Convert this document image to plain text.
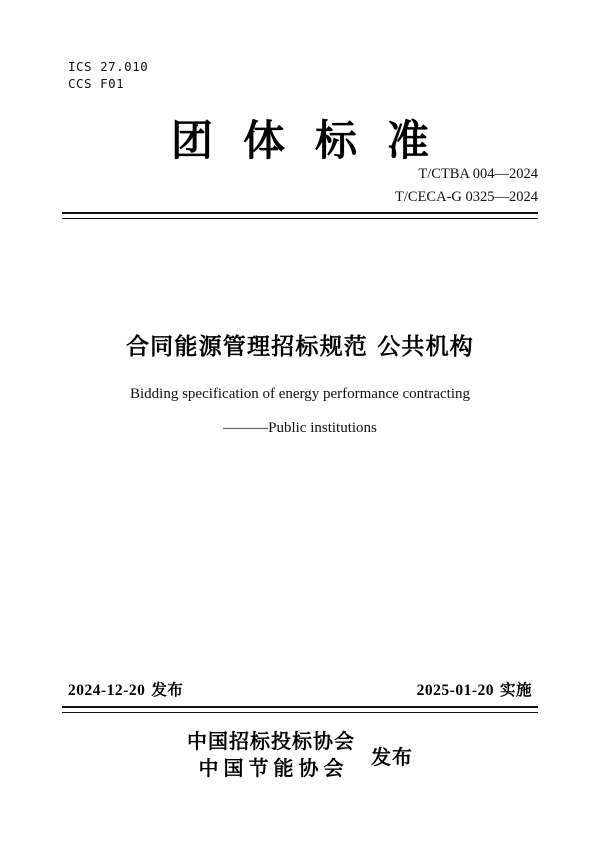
ICS 27.010
CCS F01
团体标准
T/CTBA 004—2024
T/CECA-G 0325—2024
合同能源管理招标规范 公共机构
Bidding specification of energy performance contracting
———Public institutions
2024-12-20 发布	2025-01-20 实施
中国招标投标协会
中国节能协会	发布
